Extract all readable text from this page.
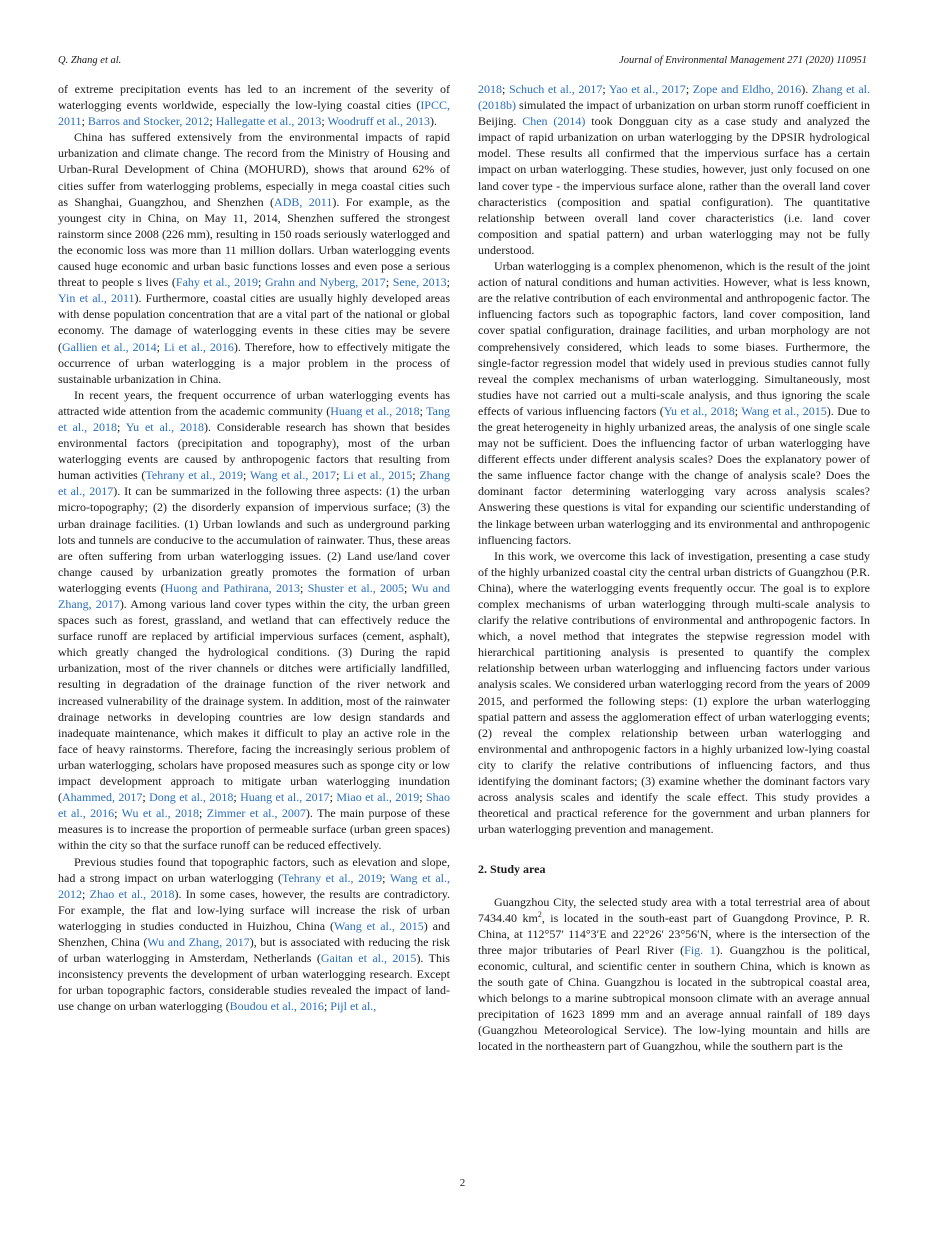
Q. Zhang et al.	Journal of Environmental Management 271 (2020) 110951

of extreme precipitation events has led to an increment of the severity of waterlogging events worldwide, especially the low-lying coastal cities (IPCC, 2011; Barros and Stocker, 2012; Hallegatte et al., 2013; Woodruff et al., 2013).

China has suffered extensively from the environmental impacts of rapid urbanization and climate change. The record from the Ministry of Housing and Urban-Rural Development of China (MOHURD), shows that around 62% of cities suffer from waterlogging problems, especially in mega coastal cities such as Shanghai, Guangzhou, and Shenzhen (ADB, 2011). For example, as the youngest city in China, on May 11, 2014, Shenzhen suffered the strongest rainstorm since 2008 (226 mm), resulting in 150 roads seriously waterlogged and the economic loss was more than 11 million dollars. Urban waterlogging events caused huge economic and urban basic functions losses and even pose a serious threat to people s lives (Fahy et al., 2019; Grahn and Nyberg, 2017; Sene, 2013; Yin et al., 2011). Furthermore, coastal cities are usually highly developed areas with dense population concentration that are a vital part of the national or global economy. The damage of waterlogging events in these cities may be severe (Gallien et al., 2014; Li et al., 2016). Therefore, how to effectively mitigate the occurrence of urban waterlogging is a major problem in the process of sustainable urbanization in China.

In recent years, the frequent occurrence of urban waterlogging events has attracted wide attention from the academic community (Huang et al., 2018; Tang et al., 2018; Yu et al., 2018). Considerable research has shown that besides environmental factors (precipitation and topography), most of the urban waterlogging events are caused by anthropogenic factors that resulting from human activities (Tehrany et al., 2019; Wang et al., 2017; Li et al., 2015; Zhang et al., 2017). It can be summarized in the following three aspects: (1) the urban micro-topography; (2) the disorderly expansion of impervious surface; (3) the urban drainage facilities. (1) Urban lowlands and such as underground parking lots and tunnels are conducive to the accumulation of rainwater. Thus, these areas are often suffering from urban waterlogging issues. (2) Land use/land cover change caused by urbanization greatly promotes the formation of urban waterlogging events (Huong and Pathirana, 2013; Shuster et al., 2005; Wu and Zhang, 2017). Among various land cover types within the city, the urban green spaces such as forest, grassland, and wetland that can effectively reduce the surface runoff are replaced by artificial impervious surfaces (cement, asphalt), which greatly changed the hydrological conditions. (3) During the rapid urbanization, most of the river channels or ditches were artificially landfilled, resulting in degradation of the drainage function of the river network and increased vulnerability of the drainage system. In addition, most of the rainwater drainage networks in developing countries are low design standards and inadequate maintenance, which makes it difficult to play an active role in the face of heavy rainstorms. Therefore, facing the increasingly serious problem of urban waterlogging, scholars have proposed measures such as sponge city or low impact development approach to mitigate urban waterlogging inundation (Ahammed, 2017; Dong et al., 2018; Huang et al., 2017; Miao et al., 2019; Shao et al., 2016; Wu et al., 2018; Zimmer et al., 2007). The main purpose of these measures is to increase the proportion of permeable surface (urban green spaces) within the city so that the surface runoff can be reduced effectively.

Previous studies found that topographic factors, such as elevation and slope, had a strong impact on urban waterlogging (Tehrany et al., 2019; Wang et al., 2012; Zhao et al., 2018). In some cases, however, the results are contradictory. For example, the flat and low-lying surface will increase the risk of urban waterlogging in studies conducted in Huizhou, China (Wang et al., 2015) and Shenzhen, China (Wu and Zhang, 2017), but is associated with reducing the risk of urban waterlogging in Amsterdam, Netherlands (Gaitan et al., 2015). This inconsistency prevents the development of urban waterlogging research. Except for urban topographic factors, considerable studies revealed the impact of land-use change on urban waterlogging (Boudou et al., 2016; Pijl et al.,

2018; Schuch et al., 2017; Yao et al., 2017; Zope and Eldho, 2016). Zhang et al. (2018b) simulated the impact of urbanization on urban storm runoff coefficient in Beijing. Chen (2014) took Dongguan city as a case study and analyzed the impact of rapid urbanization on urban waterlogging by the DPSIR hydrological model. These results all confirmed that the impervious surface has a certain impact on urban waterlogging. These studies, however, just only focused on one land cover type - the impervious surface alone, rather than the overall land cover characteristics (composition and spatial configuration). The quantitative relationship between overall land cover characteristics (i.e. land cover composition and spatial pattern) and urban waterlogging may not be fully understood.

Urban waterlogging is a complex phenomenon, which is the result of the joint action of natural conditions and human activities. However, what is less known, are the relative contribution of each environmental and anthropogenic factor. The influencing factors such as topographic factors, land cover composition, land cover spatial configuration, drainage facilities, and urban morphology are not comprehensively considered, which leads to some biases. Furthermore, the single-factor regression model that widely used in previous studies cannot fully reveal the complex mechanisms of urban waterlogging. Simultaneously, most studies have not carried out a multi-scale analysis, and thus ignoring the scale effects of various influencing factors (Yu et al., 2018; Wang et al., 2015). Due to the great heterogeneity in highly urbanized areas, the analysis of one single scale may not be sufficient. Does the influencing factor of urban waterlogging have different effects under different analysis scales? Does the explanatory power of the same influence factor change with the change of analysis scale? Does the dominant factor determining waterlogging vary across analysis scales? Answering these questions is vital for expanding our scientific understanding of the linkage between urban waterlogging and its environmental and anthropogenic influencing factors.

In this work, we overcome this lack of investigation, presenting a case study of the highly urbanized coastal city the central urban districts of Guangzhou (P.R. China), where the waterlogging events frequently occur. The goal is to explore complex mechanisms of urban waterlogging through multi-scale analysis to clarify the relative contributions of environmental and anthropogenic factors. In which, a novel method that integrates the stepwise regression model with hierarchical partitioning analysis is presented to quantify the complex relationship between urban waterlogging and influencing factors under various analysis scales. We considered urban waterlogging record from the years of 2009 2015, and performed the following steps: (1) explore the urban waterlogging spatial pattern and assess the agglomeration effect of urban waterlogging events; (2) reveal the complex relationship between urban waterlogging and environmental and anthropogenic factors in a highly urbanized low-lying coastal city to clarify the relative contributions of influencing factors, and thus identifying the dominant factors; (3) examine whether the dominant factors vary across analysis scales and identify the scale effect. This study provides a theoretical and practical reference for the government and urban planners for urban waterlogging prevention and management.

2. Study area

Guangzhou City, the selected study area with a total terrestrial area of about 7434.40 $km^2$, is located in the south-east part of Guangdong Province, P. R. China, at 112°57′ 114°3′E and 22°26′ 23°56′N, where is the intersection of the three major tributaries of Pearl River (Fig. 1). Guangzhou is the political, economic, cultural, and scientific center in southern China, which is known as the south gate of China. Guangzhou is located in the subtropical coastal area, which belongs to a marine subtropical monsoon climate with an average annual precipitation of 1623 1899 mm and an average annual rainfall of 189 days (Guangzhou Meteorological Service). The low-lying mountain and hills are located in the northeastern part of Guangzhou, while the southern part is the

2
